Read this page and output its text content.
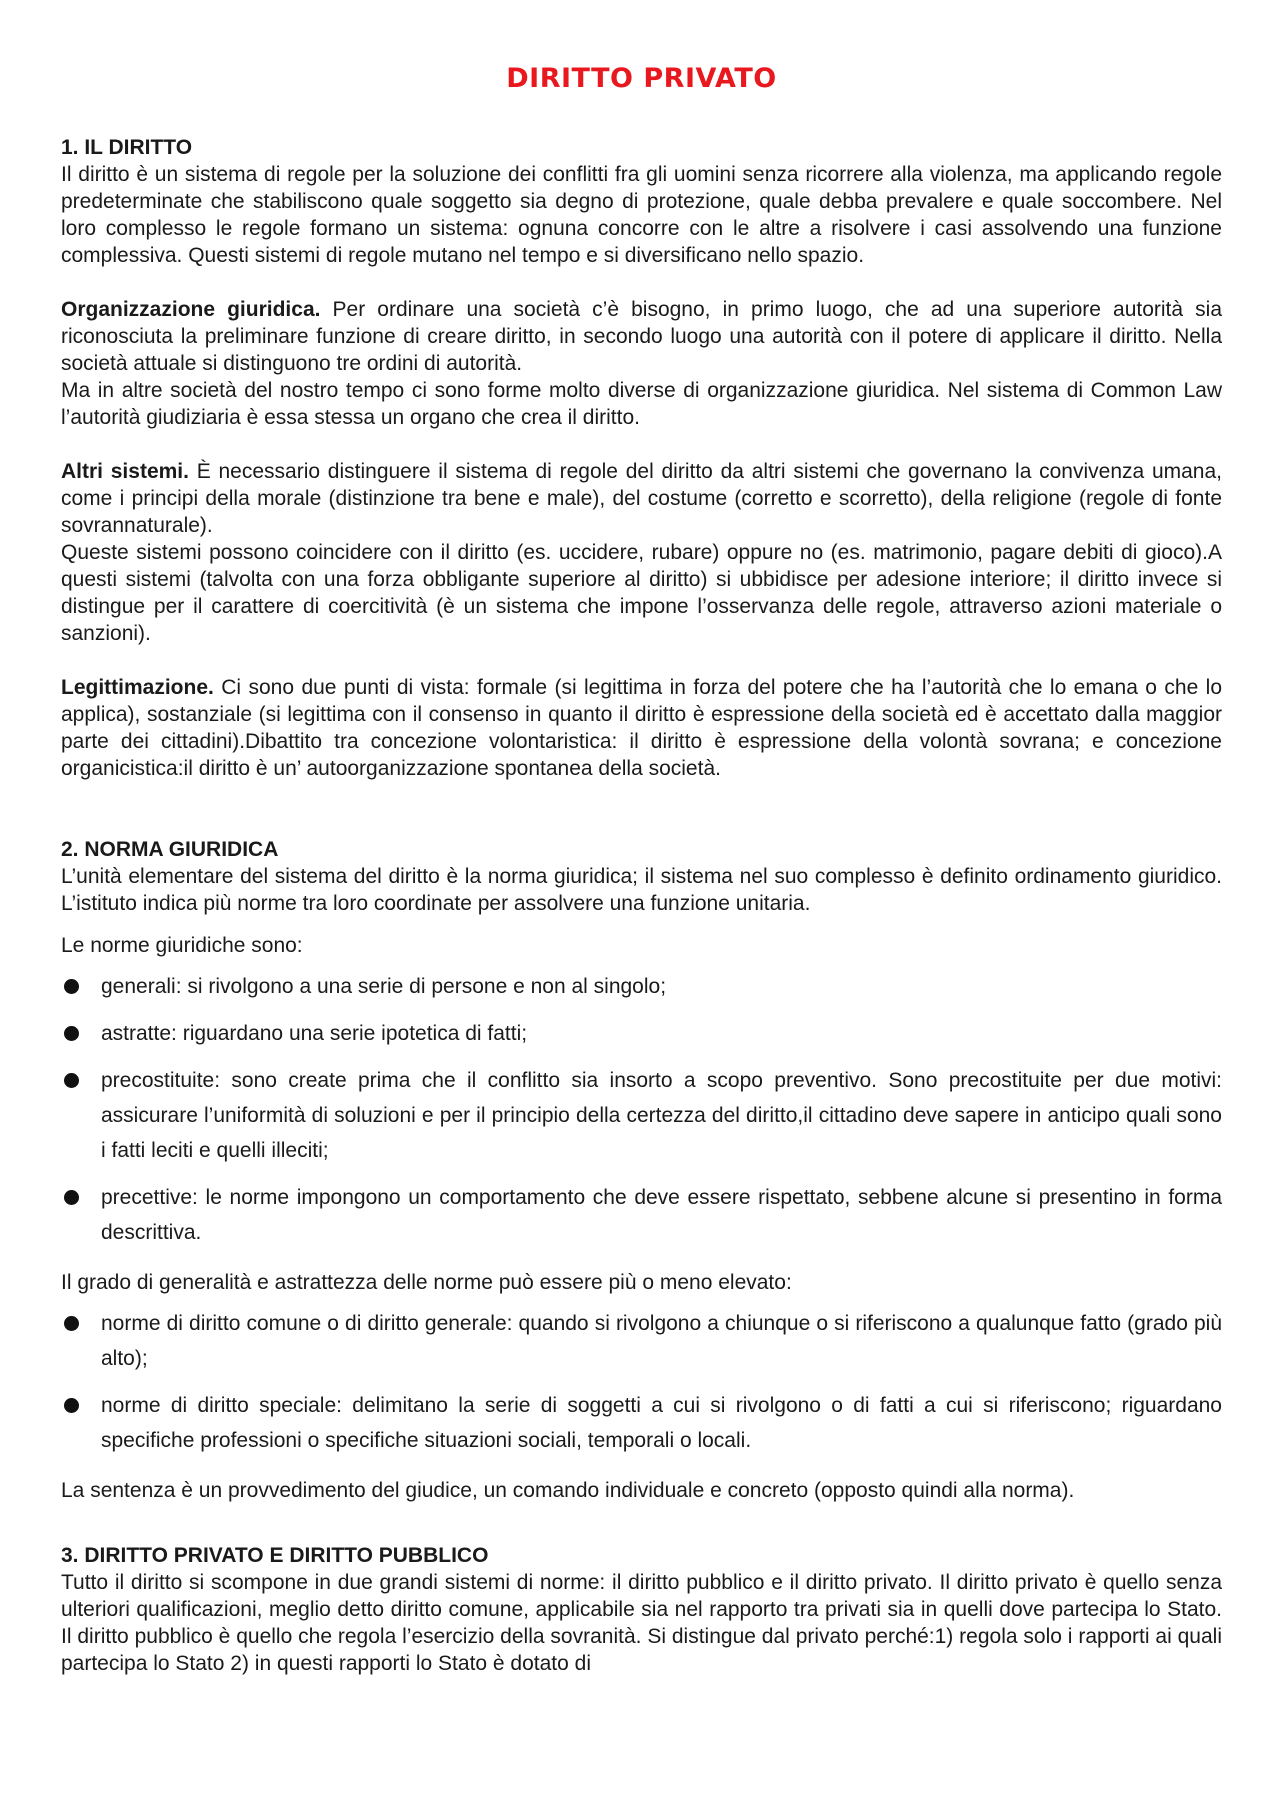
DIRITTO PRIVATO

1. IL DIRITTO

Il diritto è un sistema di regole per la soluzione dei conflitti fra gli uomini senza ricorrere alla violenza, ma applicando regole predeterminate che stabiliscono quale soggetto sia degno di protezione, quale debba prevalere e quale soccombere. Nel loro complesso le regole formano un sistema: ognuna concorre con le altre a risolvere i casi assolvendo una funzione complessiva. Questi sistemi di regole mutano nel tempo e si diversificano nello spazio.

Organizzazione giuridica. Per ordinare una società c’è bisogno, in primo luogo, che ad una superiore autorità sia riconosciuta la preliminare funzione di creare diritto, in secondo luogo una autorità con il potere di applicare il diritto. Nella società attuale si distinguono tre ordini di autorità.

Ma in altre società del nostro tempo ci sono forme molto diverse di organizzazione giuridica. Nel sistema di Common Law l’autorità giudiziaria è essa stessa un organo che crea il diritto.

Altri sistemi. È necessario distinguere il sistema di regole del diritto da altri sistemi che governano la convivenza umana, come i principi della morale (distinzione tra bene e male), del costume (corretto e scorretto), della religione (regole di fonte sovrannaturale).

Queste sistemi possono coincidere con il diritto (es. uccidere, rubare) oppure no (es. matrimonio, pagare debiti di gioco).A questi sistemi (talvolta con una forza obbligante superiore al diritto) si ubbidisce per adesione interiore; il diritto invece si distingue per il carattere di coercitività (è un sistema che impone l’osservanza delle regole, attraverso azioni materiale o sanzioni).

Legittimazione. Ci sono due punti di vista: formale (si legittima in forza del potere che ha l’autorità che lo emana o che lo applica), sostanziale (si legittima con il consenso in quanto il diritto è espressione della società ed è accettato dalla maggior parte dei cittadini).Dibattito tra concezione volontaristica: il diritto è espressione della volontà sovrana; e concezione organicistica:il diritto è un’ autoorganizzazione spontanea della società.

2. NORMA GIURIDICA

L’unità elementare del sistema del diritto è la norma giuridica; il sistema nel suo complesso è definito ordinamento giuridico. L’istituto indica più norme tra loro coordinate per assolvere una funzione unitaria.

Le norme giuridiche sono:

generali: si rivolgono a una serie di persone e non al singolo;
astratte: riguardano una serie ipotetica di fatti;
precostituite: sono create prima che il conflitto sia insorto a scopo preventivo. Sono precostituite per due motivi: assicurare l’uniformità di soluzioni e per il principio della certezza del diritto,il cittadino deve sapere in anticipo quali sono i fatti leciti e quelli illeciti;
precettive: le norme impongono un comportamento che deve essere rispettato, sebbene alcune si presentino in forma descrittiva.

Il grado di generalità e astrattezza delle norme può essere più o meno elevato:

norme di diritto comune o di diritto generale: quando si rivolgono a chiunque o si riferiscono a qualunque fatto (grado più alto);
norme di diritto speciale: delimitano la serie di soggetti a cui si rivolgono o di fatti a cui si riferiscono; riguardano specifiche professioni o specifiche situazioni sociali, temporali o locali.

La sentenza è un provvedimento del giudice, un comando individuale e concreto (opposto quindi alla norma).

3. DIRITTO PRIVATO E DIRITTO PUBBLICO

Tutto il diritto si scompone in due grandi sistemi di norme: il diritto pubblico e il diritto privato. Il diritto privato è quello senza ulteriori qualificazioni, meglio detto diritto comune, applicabile sia nel rapporto tra privati sia in quelli dove partecipa lo Stato. Il diritto pubblico è quello che regola l’esercizio della sovranità. Si distingue dal privato perché:1) regola solo i rapporti ai quali partecipa lo Stato 2) in questi rapporti lo Stato è dotato di
